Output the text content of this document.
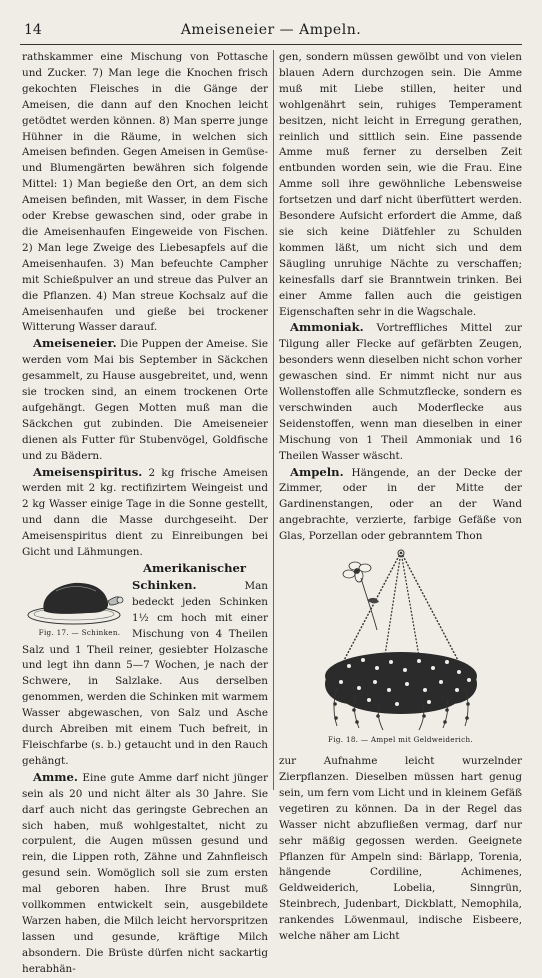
14	Ameiseneier — Ampeln.

rathskammer eine Mischung von Pottasche und Zucker. 7) Man lege die Knochen frisch gekochten Fleisches in die Gänge der Ameisen, die dann auf den Knochen leicht getödtet werden können. 8) Man sperre junge Hühner in die Räume, in welchen sich Ameisen befinden. Gegen Ameisen in Gemüse- und Blumengärten bewähren sich folgende Mittel: 1) Man begieße den Ort, an dem sich Ameisen befinden, mit Wasser, in dem Fische oder Krebse gewaschen sind, oder grabe in die Ameisenhaufen Eingeweide von Fischen. 2) Man lege Zweige des Liebesapfels auf die Ameisenhaufen. 3) Man befeuchte Campher mit Schießpulver an und streue das Pulver an die Pflanzen. 4) Man streue Kochsalz auf die Ameisenhaufen und gieße bei trockener Witterung Wasser darauf.

Ameiseneier. Die Puppen der Ameise. Sie werden vom Mai bis September in Säckchen gesammelt, zu Hause ausgebreitet, und, wenn sie trocken sind, an einem trockenen Orte aufgehängt. Gegen Motten muß man die Säckchen gut zubinden. Die Ameiseneier dienen als Futter für Stubenvögel, Goldfische und zu Bädern.

Ameisenspiritus. 2 kg frische Ameisen werden mit 2 kg. rectifizirtem Weingeist und 2 kg Wasser einige Tage in die Sonne gestellt, und dann die Masse durchgeseiht. Der Ameisenspiritus dient zu Einreibungen bei Gicht und Lähmungen.

Fig. 17. — Schinken.
Amerikanischer Schinken. Man bedeckt jeden Schinken 1½ cm hoch mit einer Mischung von 4 Theilen Salz und 1 Theil reiner, gesiebter Holzasche und legt ihn dann 5—7 Wochen, je nach der Schwere, in Salzlake. Aus derselben genommen, werden die Schinken mit warmem Wasser abgewaschen, von Salz und Asche durch Abreiben mit einem Tuch befreit, in Fleischfarbe (s. b.) getaucht und in den Rauch gehängt.

Amme. Eine gute Amme darf nicht jünger sein als 20 und nicht älter als 30 Jahre. Sie darf auch nicht das geringste Gebrechen an sich haben, muß wohlgestaltet, nicht zu corpulent, die Augen müssen gesund und rein, die Lippen roth, Zähne und Zahnfleisch gesund sein. Womöglich soll sie zum ersten mal geboren haben. Ihre Brust muß vollkommen entwickelt sein, ausgebildete Warzen haben, die Milch leicht hervorspritzen lassen und gesunde, kräftige Milch absondern. Die Brüste dürfen nicht sackartig herabhän-

gen, sondern müssen gewölbt und von vielen blauen Adern durchzogen sein. Die Amme muß mit Liebe stillen, heiter und wohlgenährt sein, ruhiges Temperament besitzen, nicht leicht in Erregung gerathen, reinlich und sittlich sein. Eine passende Amme muß ferner zu derselben Zeit entbunden worden sein, wie die Frau. Eine Amme soll ihre gewöhnliche Lebensweise fortsetzen und darf nicht überfüttert werden. Besondere Aufsicht erfordert die Amme, daß sie sich keine Diätfehler zu Schulden kommen läßt, um nicht sich und dem Säugling unruhige Nächte zu verschaffen; keinesfalls darf sie Branntwein trinken. Bei einer Amme fallen auch die geistigen Eigenschaften sehr in die Wagschale.

Ammoniak. Vortreffliches Mittel zur Tilgung aller Flecke auf gefärbten Zeugen, besonders wenn dieselben nicht schon vorher gewaschen sind. Er nimmt nicht nur aus Wollenstoffen alle Schmutzflecke, sondern es verschwinden auch Moderflecke aus Seidenstoffen, wenn man dieselben in einer Mischung von 1 Theil Ammoniak und 16 Theilen Wasser wäscht.

Ampeln. Hängende, an der Decke der Zimmer, oder in der Mitte der Gardinenstangen, oder an der Wand angebrachte, verzierte, farbige Gefäße von Glas, Porzellan oder gebranntem Thon

Fig. 18. — Ampel mit Geldweiderich.

zur Aufnahme leicht wurzelnder Zierpflanzen. Dieselben müssen hart genug sein, um fern vom Licht und in kleinem Gefäß vegetiren zu können. Da in der Regel das Wasser nicht abzufließen vermag, darf nur sehr mäßig gegossen werden. Geeignete Pflanzen für Ampeln sind: Bärlapp, Torenia, hängende Cordiline, Achimenes, Geldweiderich, Lobelia, Sinngrün, Steinbrech, Judenbart, Dickblatt, Nemophila, rankendes Löwenmaul, indische Eisbeere, welche näher am Licht
